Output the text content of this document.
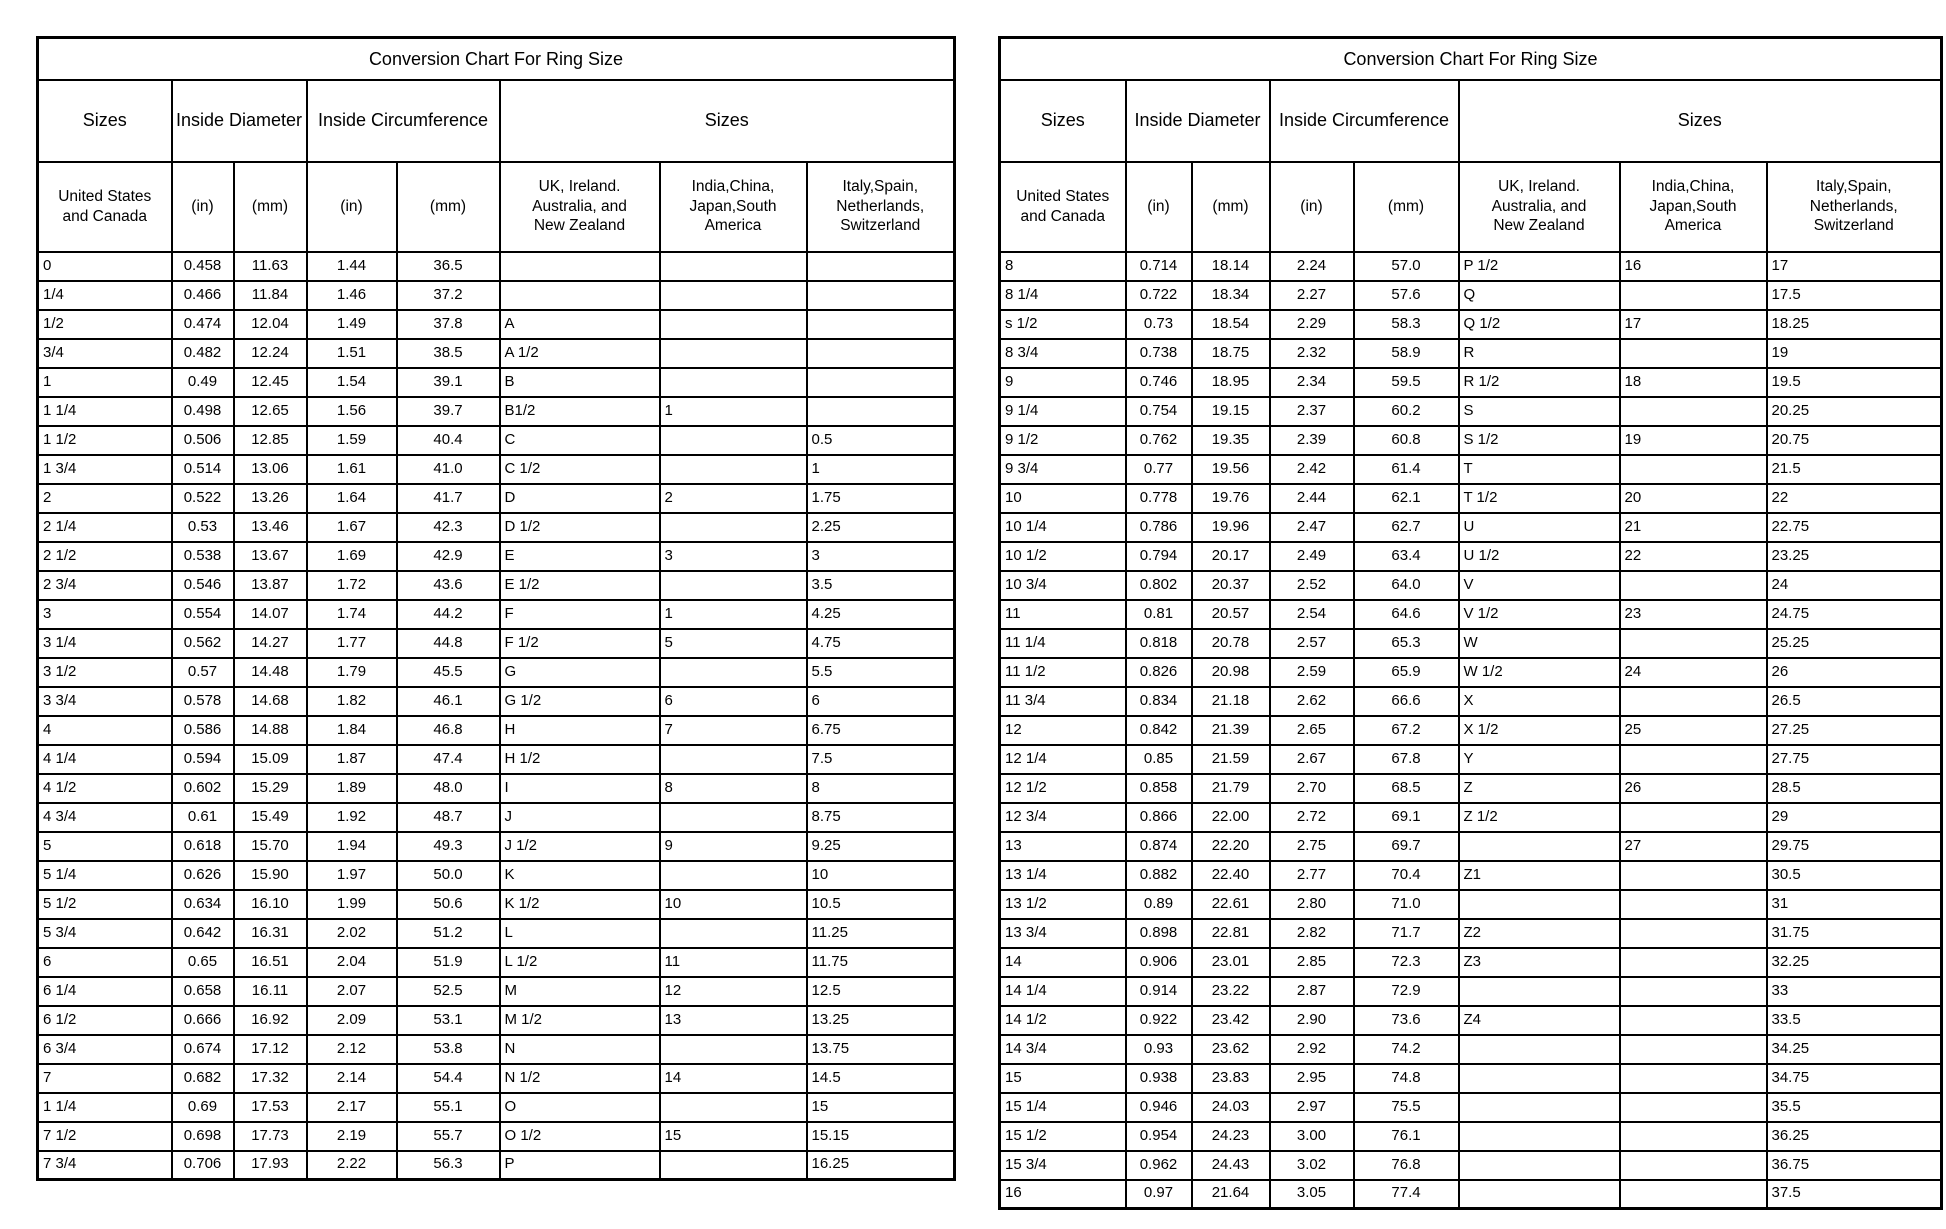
Conversion Chart For Ring Size							
Sizes	Inside Diameter		Inside Circumference		Sizes		
United States and Canada	(in)	(mm)	(in)	(mm)	UK, Ireland. Australia, and New Zealand	India,China, Japan,South America	Italy,Spain, Netherlands, Switzerland
0	0.458	11.63	1.44	36.5			
1/4	0.466	11.84	1.46	37.2			
1/2	0.474	12.04	1.49	37.8	A		
3/4	0.482	12.24	1.51	38.5	A 1/2		
1	0.49	12.45	1.54	39.1	B		
1 1/4	0.498	12.65	1.56	39.7	B1/2	1	
1 1/2	0.506	12.85	1.59	40.4	C		0.5
1 3/4	0.514	13.06	1.61	41.0	C 1/2		1
2	0.522	13.26	1.64	41.7	D	2	1.75
2 1/4	0.53	13.46	1.67	42.3	D 1/2		2.25
2 1/2	0.538	13.67	1.69	42.9	E	3	3
2 3/4	0.546	13.87	1.72	43.6	E 1/2		3.5
3	0.554	14.07	1.74	44.2	F	1	4.25
3 1/4	0.562	14.27	1.77	44.8	F 1/2	5	4.75
3 1/2	0.57	14.48	1.79	45.5	G		5.5
3 3/4	0.578	14.68	1.82	46.1	G 1/2	6	6
4	0.586	14.88	1.84	46.8	H	7	6.75
4 1/4	0.594	15.09	1.87	47.4	H 1/2		7.5
4 1/2	0.602	15.29	1.89	48.0	I	8	8
4 3/4	0.61	15.49	1.92	48.7	J		8.75
5	0.618	15.70	1.94	49.3	J 1/2	9	9.25
5 1/4	0.626	15.90	1.97	50.0	K		10
5 1/2	0.634	16.10	1.99	50.6	K 1/2	10	10.5
5 3/4	0.642	16.31	2.02	51.2	L		11.25
6	0.65	16.51	2.04	51.9	L 1/2	11	11.75
6 1/4	0.658	16.11	2.07	52.5	M	12	12.5
6 1/2	0.666	16.92	2.09	53.1	M 1/2	13	13.25
6 3/4	0.674	17.12	2.12	53.8	N		13.75
7	0.682	17.32	2.14	54.4	N 1/2	14	14.5
1 1/4	0.69	17.53	2.17	55.1	O		15
7 1/2	0.698	17.73	2.19	55.7	O 1/2	15	15.15
7 3/4	0.706	17.93	2.22	56.3	P		16.25
Conversion Chart For Ring Size							
Sizes	Inside Diameter		Inside Circumference		Sizes		
United States and Canada	(in)	(mm)	(in)	(mm)	UK, Ireland. Australia, and New Zealand	India,China, Japan,South America	Italy,Spain, Netherlands, Switzerland
8	0.714	18.14	2.24	57.0	P 1/2	16	17
8 1/4	0.722	18.34	2.27	57.6	Q		17.5
s 1/2	0.73	18.54	2.29	58.3	Q 1/2	17	18.25
8 3/4	0.738	18.75	2.32	58.9	R		19
9	0.746	18.95	2.34	59.5	R 1/2	18	19.5
9 1/4	0.754	19.15	2.37	60.2	S		20.25
9 1/2	0.762	19.35	2.39	60.8	S 1/2	19	20.75
9 3/4	0.77	19.56	2.42	61.4	T		21.5
10	0.778	19.76	2.44	62.1	T 1/2	20	22
10 1/4	0.786	19.96	2.47	62.7	U	21	22.75
10 1/2	0.794	20.17	2.49	63.4	U 1/2	22	23.25
10 3/4	0.802	20.37	2.52	64.0	V		24
11	0.81	20.57	2.54	64.6	V 1/2	23	24.75
11 1/4	0.818	20.78	2.57	65.3	W		25.25
11 1/2	0.826	20.98	2.59	65.9	W 1/2	24	26
11 3/4	0.834	21.18	2.62	66.6	X		26.5
12	0.842	21.39	2.65	67.2	X 1/2	25	27.25
12 1/4	0.85	21.59	2.67	67.8	Y		27.75
12 1/2	0.858	21.79	2.70	68.5	Z	26	28.5
12 3/4	0.866	22.00	2.72	69.1	Z 1/2		29
13	0.874	22.20	2.75	69.7		27	29.75
13 1/4	0.882	22.40	2.77	70.4	Z1		30.5
13 1/2	0.89	22.61	2.80	71.0			31
13 3/4	0.898	22.81	2.82	71.7	Z2		31.75
14	0.906	23.01	2.85	72.3	Z3		32.25
14 1/4	0.914	23.22	2.87	72.9			33
14 1/2	0.922	23.42	2.90	73.6	Z4		33.5
14 3/4	0.93	23.62	2.92	74.2			34.25
15	0.938	23.83	2.95	74.8			34.75
15 1/4	0.946	24.03	2.97	75.5			35.5
15 1/2	0.954	24.23	3.00	76.1			36.25
15 3/4	0.962	24.43	3.02	76.8			36.75
16	0.97	21.64	3.05	77.4			37.5
